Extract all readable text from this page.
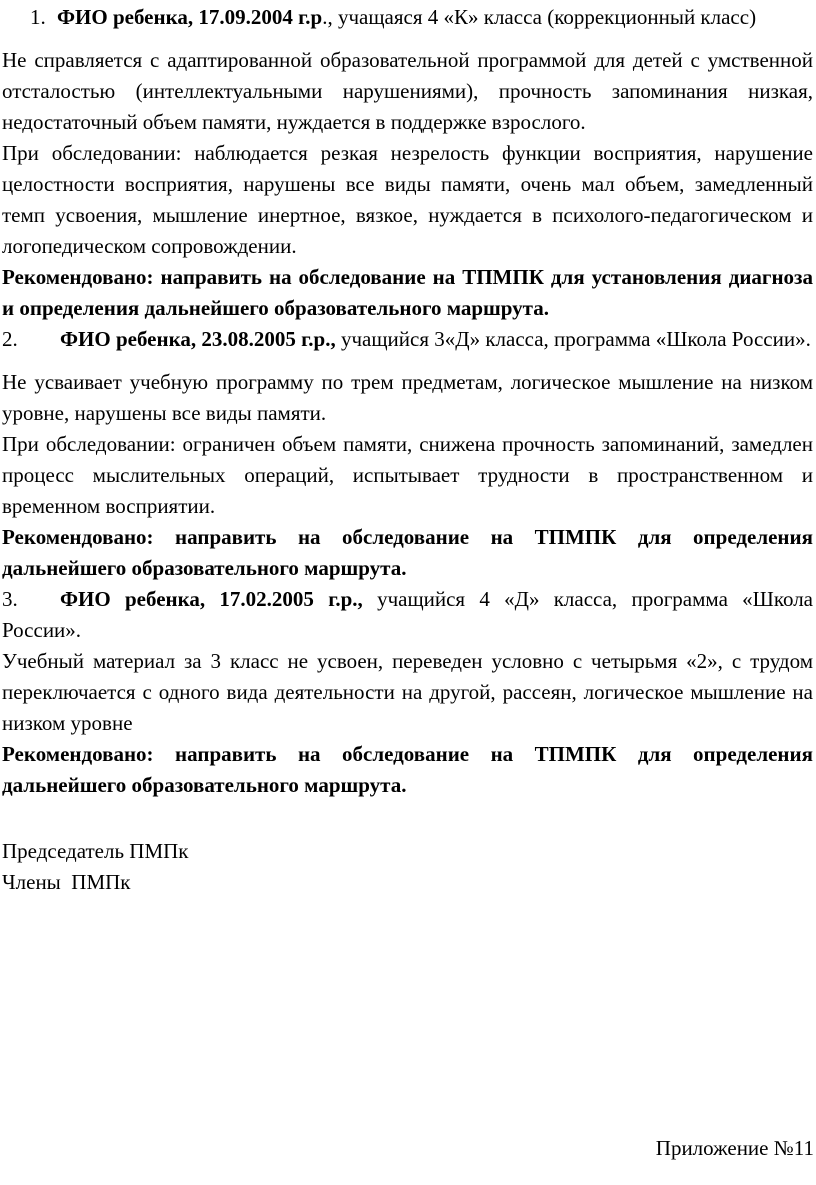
1. ФИО ребенка, 17.09.2004 г.р., учащаяся 4 «К» класса (коррекционный класс)

Не справляется с адаптированной образовательной программой для детей с умственной отсталостью (интеллектуальными нарушениями), прочность запоминания низкая, недостаточный объем памяти, нуждается в поддержке взрослого.

При обследовании: наблюдается резкая незрелость функции восприятия, нарушение целостности восприятия, нарушены все виды памяти, очень мал объем, замедленный темп усвоения, мышление инертное, вязкое, нуждается в психолого-педагогическом и логопедическом сопровождении.

Рекомендовано: направить на обследование на ТПМПК для установления диагноза и определения дальнейшего образовательного маршрута.

2. ФИО ребенка, 23.08.2005 г.р., учащийся 3«Д» класса, программа «Школа России».

Не усваивает учебную программу по трем предметам, логическое мышление на низком уровне, нарушены все виды памяти.

При обследовании: ограничен объем памяти, снижена прочность запоминаний, замедлен процесс мыслительных операций, испытывает трудности в пространственном и временном восприятии.

Рекомендовано: направить на обследование на ТПМПК для определения дальнейшего образовательного маршрута.

3. ФИО ребенка, 17.02.2005 г.р., учащийся 4 «Д» класса, программа «Школа России».

Учебный материал за 3 класс не усвоен, переведен условно с четырьмя «2», с трудом переключается с одного вида деятельности на другой, рассеян, логическое мышление на низком уровне

Рекомендовано: направить на обследование на ТПМПК для определения дальнейшего образовательного маршрута.

Председатель ПМПк

Члены  ПМПк

Приложение №11
